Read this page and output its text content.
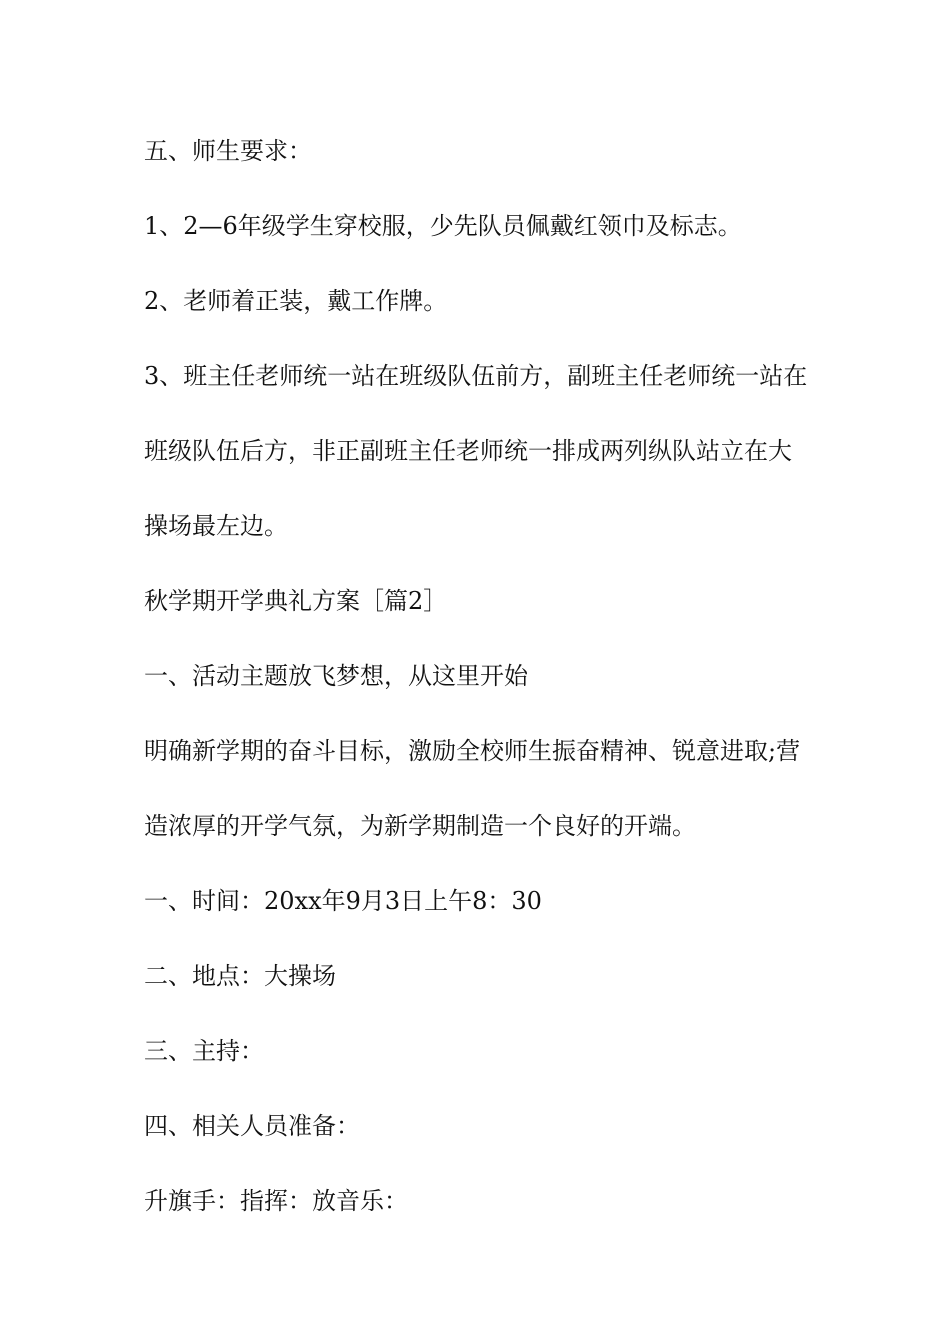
五、师生要求：
1、2—6年级学生穿校服，少先队员佩戴红领巾及标志。
2、老师着正装，戴工作牌。
3、班主任老师统一站在班级队伍前方，副班主任老师统一站在
班级队伍后方，非正副班主任老师统一排成两列纵队站立在大
操场最左边。
秋学期开学典礼方案［篇2］
一、活动主题放飞梦想，从这里开始
明确新学期的奋斗目标，激励全校师生振奋精神、锐意进取;营
造浓厚的开学气氛，为新学期制造一个良好的开端。
一、时间：20xx年9月3日上午8：30
二、地点：大操场
三、主持：
四、相关人员准备：
升旗手：指挥：放音乐：
